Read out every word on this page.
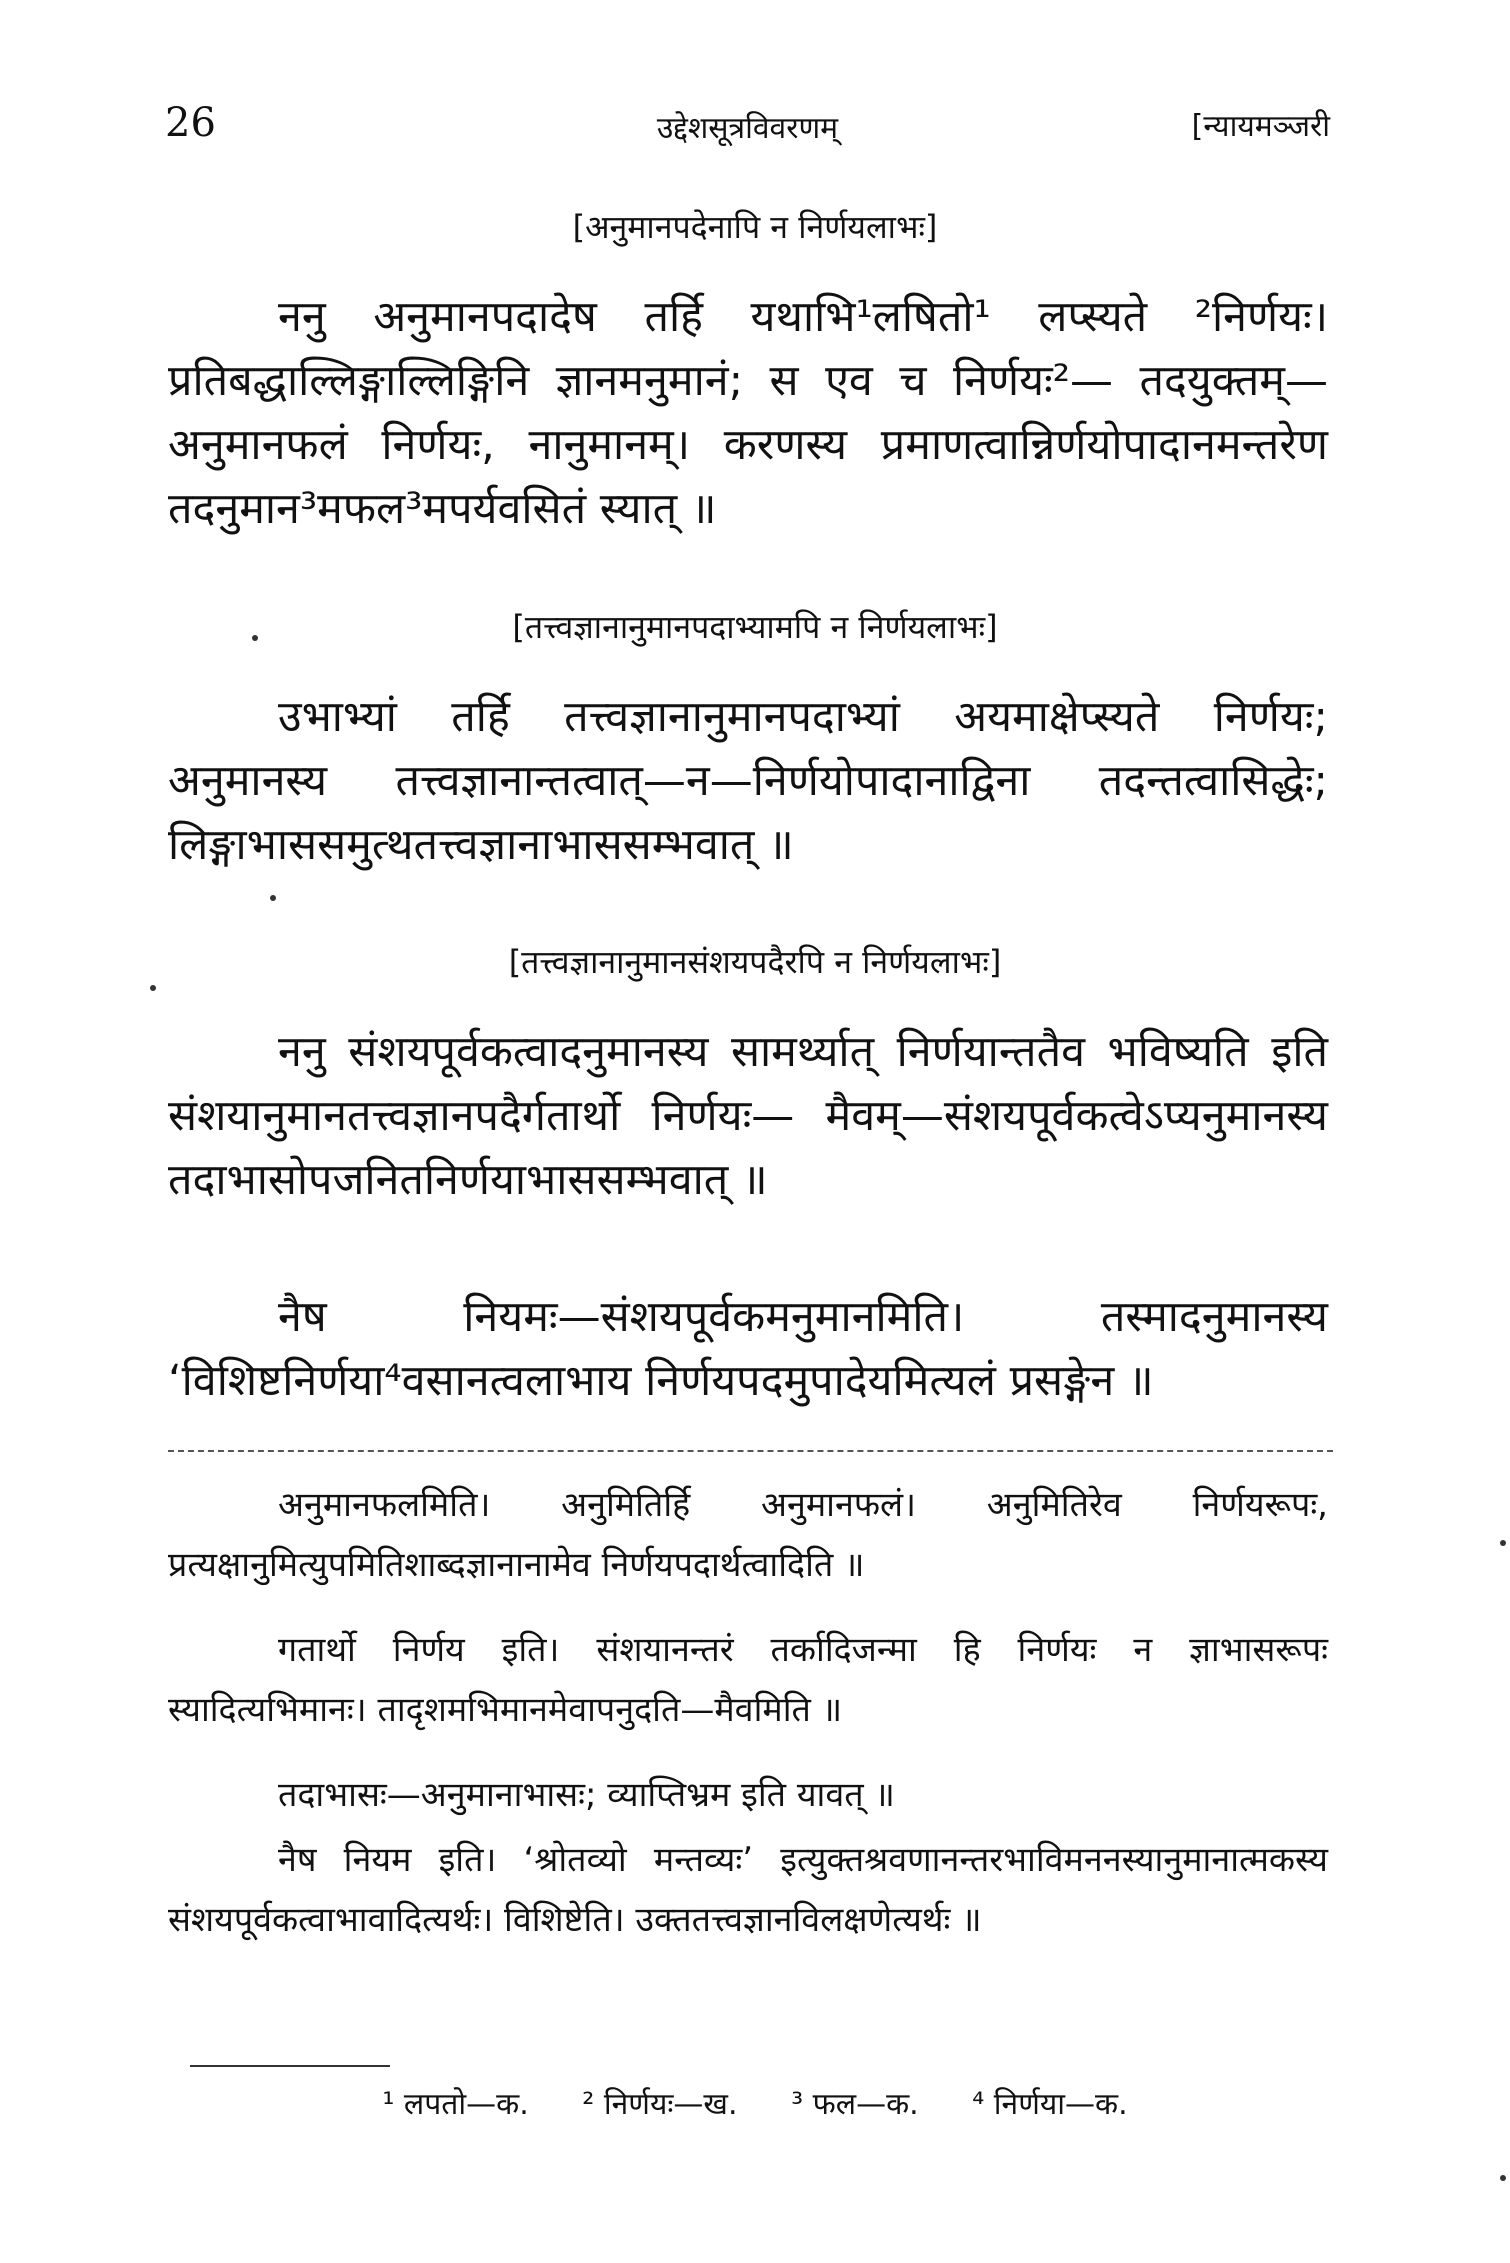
26	उद्देशसूत्रविवरणम्	[न्यायमञ्जरी
[अनुमानपदेनापि न निर्णयलाभः]

ननु अनुमानपदादेष तर्हि यथाभि¹लषितो¹ लप्स्यते ²निर्णयः। प्रतिबद्धाल्लिङ्गाल्लिङ्गिनि ज्ञानमनुमानं; स एव च निर्णयः²— तदयुक्तम्—अनुमानफलं निर्णयः, नानुमानम्। करणस्य प्रमाणत्वान्निर्णयोपादानमन्तरेण तदनुमान³मफल³मपर्यवसितं स्यात् ॥

[तत्त्वज्ञानानुमानपदाभ्यामपि न निर्णयलाभः]

उभाभ्यां तर्हि तत्त्वज्ञानानुमानपदाभ्यां अयमाक्षेप्स्यते निर्णयः; अनुमानस्य तत्त्वज्ञानान्तत्वात्—न—निर्णयोपादानाद्विना तदन्तत्वासिद्धेः; लिङ्गाभाससमुत्थतत्त्वज्ञानाभाससम्भवात् ॥

[तत्त्वज्ञानानुमानसंशयपदैरपि न निर्णयलाभः]

ननु संशयपूर्वकत्वादनुमानस्य सामर्थ्यात् निर्णयान्ततैव भविष्यति इति संशयानुमानतत्त्वज्ञानपदैर्गतार्थो निर्णयः— मैवम्—संशयपूर्वकत्वेऽप्यनुमानस्य तदाभासोपजनितनिर्णयाभाससम्भवात् ॥

नैष नियमः—संशयपूर्वकमनुमानमिति। तस्मादनुमानस्य ‘विशिष्टनिर्णया⁴वसानत्वलाभाय निर्णयपदमुपादेयमित्यलं प्रसङ्गेन ॥

अनुमानफलमिति। अनुमितिर्हि अनुमानफलं। अनुमितिरेव निर्णयरूपः, प्रत्यक्षानुमित्युपमितिशाब्दज्ञानानामेव निर्णयपदार्थत्वादिति ॥

गतार्थो निर्णय इति। संशयानन्तरं तर्कादिजन्मा हि निर्णयः न ज्ञाभासरूपः स्यादित्यभिमानः। तादृशमभिमानमेवापनुदति—मैवमिति ॥

तदाभासः—अनुमानाभासः; व्याप्तिभ्रम इति यावत् ॥

नैष नियम इति। ‘श्रोतव्यो मन्तव्यः’ इत्युक्तश्रवणानन्तरभाविमननस्यानुमानात्मकस्य संशयपूर्वकत्वाभावादित्यर्थः। विशिष्टेति। उक्ततत्त्वज्ञानविलक्षणेत्यर्थः ॥

¹ लपतो—क. ² निर्णयः—ख. ³ फल—क. ⁴ निर्णया—क.
